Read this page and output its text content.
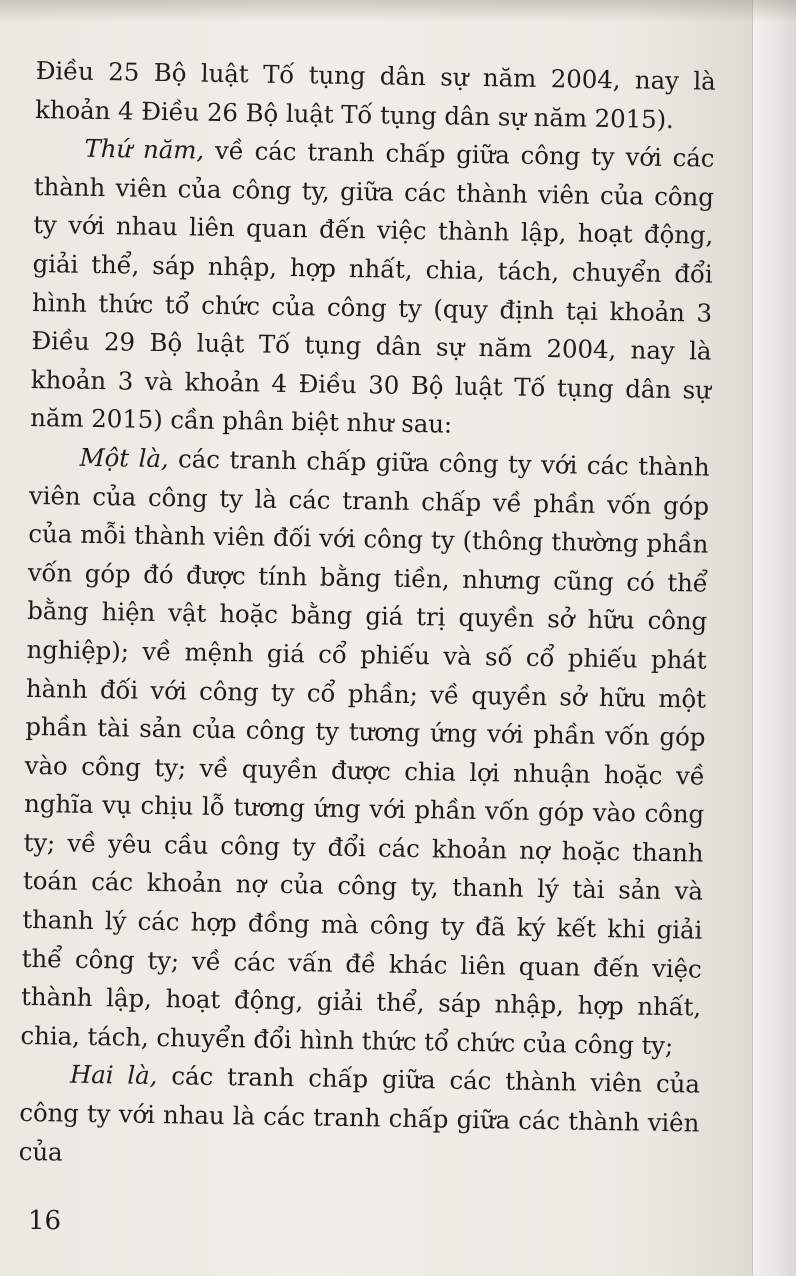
Điều 25 Bộ luật Tố tụng dân sự năm 2004, nay là khoản 4 Điều 26 Bộ luật Tố tụng dân sự năm 2015).

Thứ năm, về các tranh chấp giữa công ty với các thành viên của công ty, giữa các thành viên của công ty với nhau liên quan đến việc thành lập, hoạt động, giải thể, sáp nhập, hợp nhất, chia, tách, chuyển đổi hình thức tổ chức của công ty (quy định tại khoản 3 Điều 29 Bộ luật Tố tụng dân sự năm 2004, nay là khoản 3 và khoản 4 Điều 30 Bộ luật Tố tụng dân sự năm 2015) cần phân biệt như sau:

Một là, các tranh chấp giữa công ty với các thành viên của công ty là các tranh chấp về phần vốn góp của mỗi thành viên đối với công ty (thông thường phần vốn góp đó được tính bằng tiền, nhưng cũng có thể bằng hiện vật hoặc bằng giá trị quyền sở hữu công nghiệp); về mệnh giá cổ phiếu và số cổ phiếu phát hành đối với công ty cổ phần; về quyền sở hữu một phần tài sản của công ty tương ứng với phần vốn góp vào công ty; về quyền được chia lợi nhuận hoặc về nghĩa vụ chịu lỗ tương ứng với phần vốn góp vào công ty; về yêu cầu công ty đổi các khoản nợ hoặc thanh toán các khoản nợ của công ty, thanh lý tài sản và thanh lý các hợp đồng mà công ty đã ký kết khi giải thể công ty; về các vấn đề khác liên quan đến việc thành lập, hoạt động, giải thể, sáp nhập, hợp nhất, chia, tách, chuyển đổi hình thức tổ chức của công ty;

Hai là, các tranh chấp giữa các thành viên của công ty với nhau là các tranh chấp giữa các thành viên của

16
